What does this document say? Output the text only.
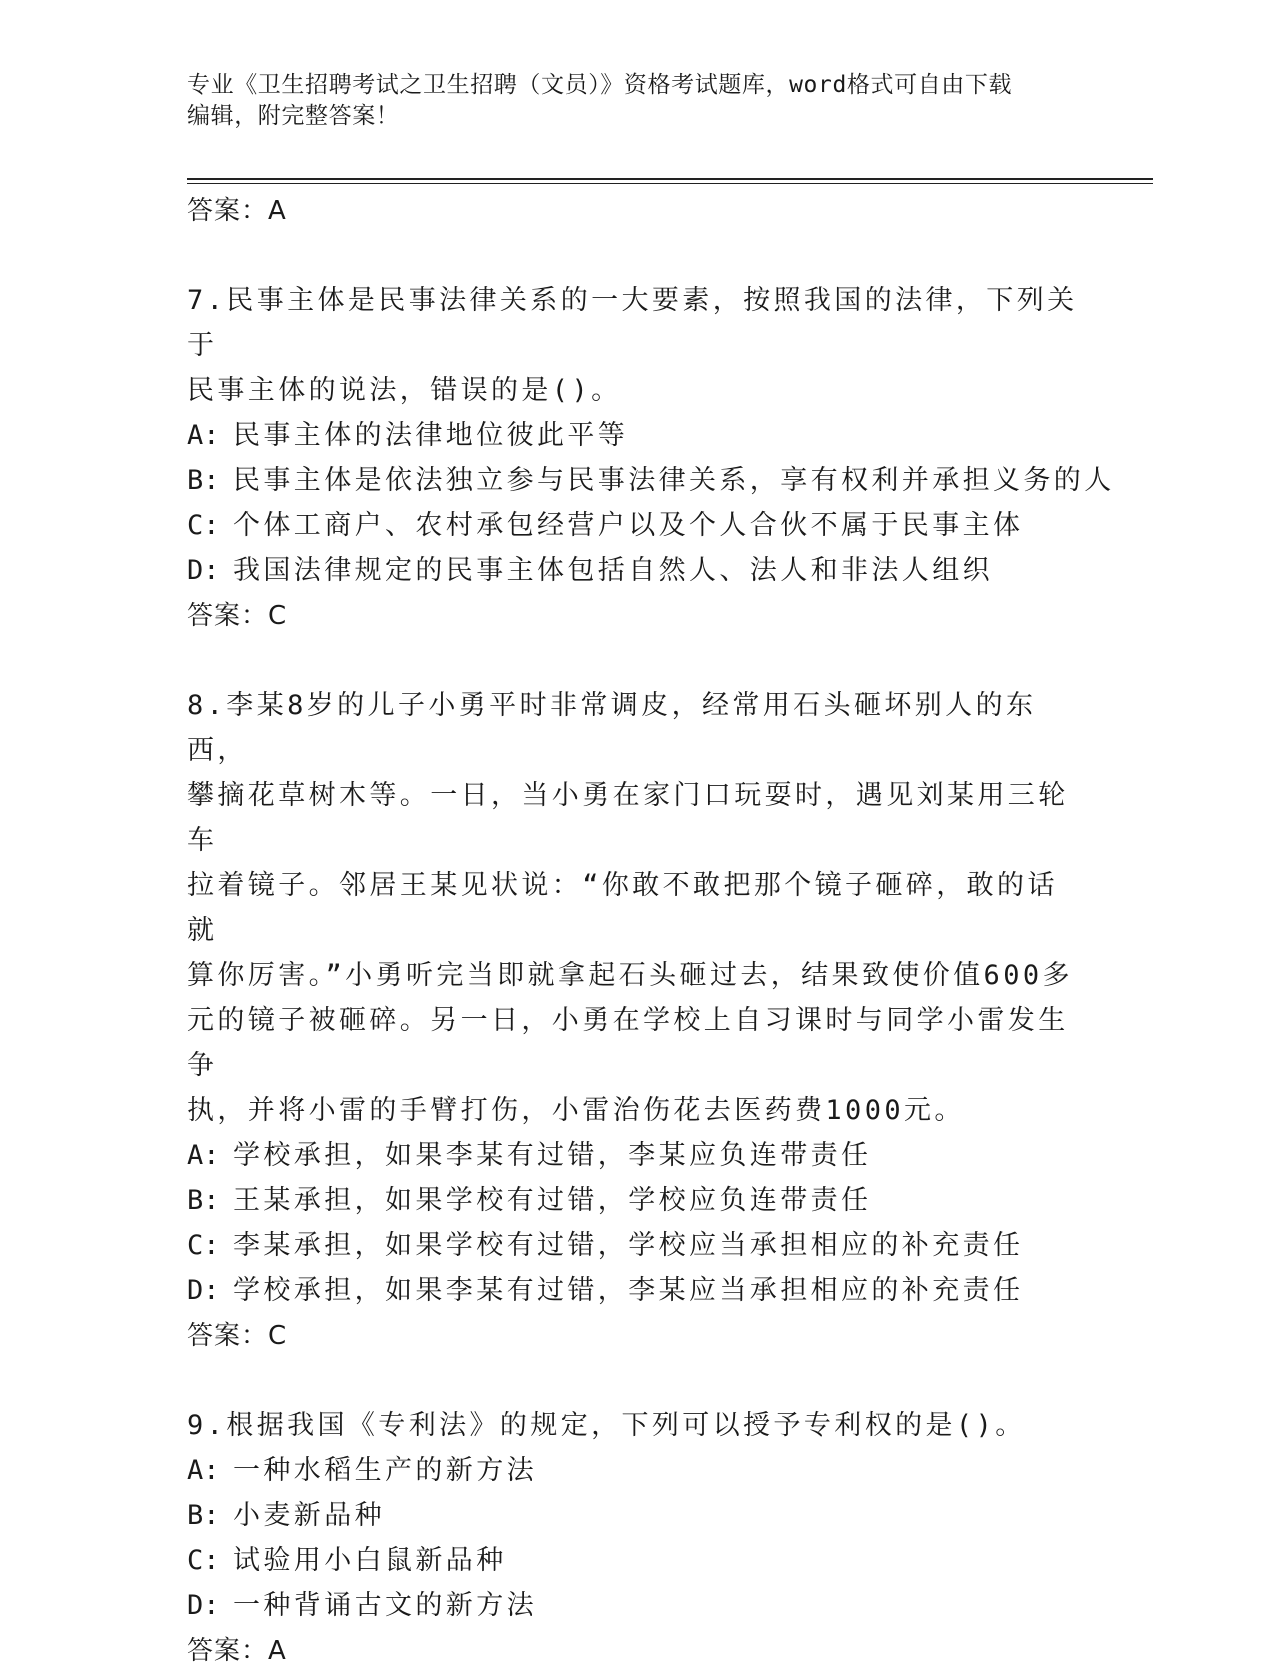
专业《卫生招聘考试之卫生招聘（文员）》资格考试题库，word格式可自由下载
编辑，附完整答案！
答案：A
7.民事主体是民事法律关系的一大要素，按照我国的法律，下列关于
民事主体的说法，错误的是()。
A: 民事主体的法律地位彼此平等
B: 民事主体是依法独立参与民事法律关系，享有权利并承担义务的人
C: 个体工商户、农村承包经营户以及个人合伙不属于民事主体
D: 我国法律规定的民事主体包括自然人、法人和非法人组织
答案：C
8.李某8岁的儿子小勇平时非常调皮，经常用石头砸坏别人的东西，
攀摘花草树木等。一日，当小勇在家门口玩耍时，遇见刘某用三轮车
拉着镜子。邻居王某见状说：“你敢不敢把那个镜子砸碎，敢的话就
算你厉害。”小勇听完当即就拿起石头砸过去，结果致使价值600多
元的镜子被砸碎。另一日，小勇在学校上自习课时与同学小雷发生争
执，并将小雷的手臂打伤，小雷治伤花去医药费1000元。
A: 学校承担，如果李某有过错，李某应负连带责任
B: 王某承担，如果学校有过错，学校应负连带责任
C: 李某承担，如果学校有过错，学校应当承担相应的补充责任
D: 学校承担，如果李某有过错，李某应当承担相应的补充责任
答案：C
9.根据我国《专利法》的规定，下列可以授予专利权的是()。
A: 一种水稻生产的新方法
B: 小麦新品种
C: 试验用小白鼠新品种
D: 一种背诵古文的新方法
答案：A
